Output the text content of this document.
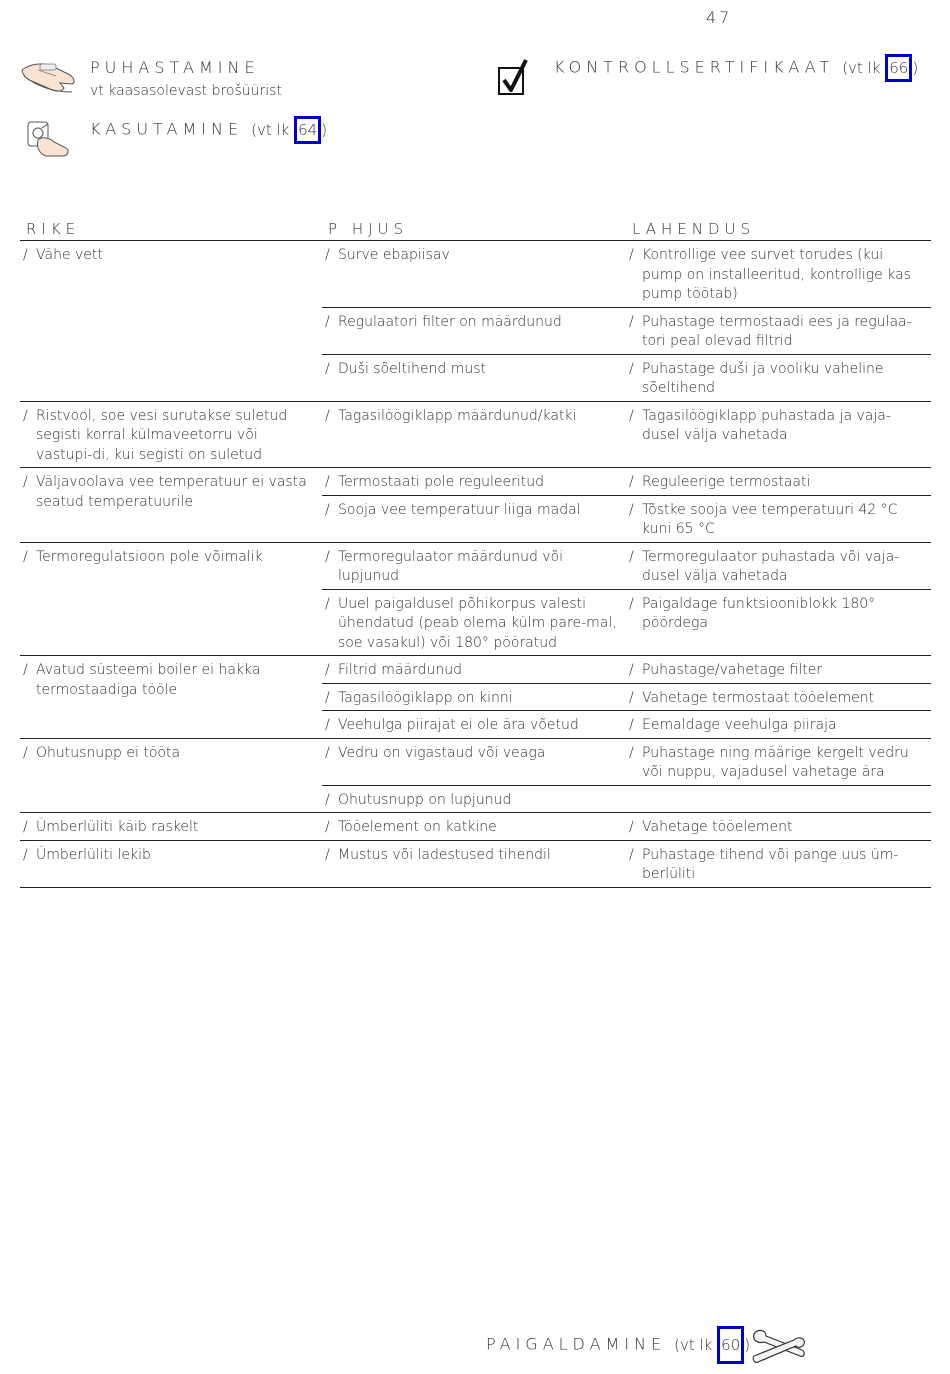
47
PUHASTAMINE
vt kaasasolevast brošüürist
KASUTAMINE (vt lk 64 )
KONTROLLSERTIFIKAAT (vt lk 66 )
RIKE	P HJUS	LAHENDUS

/ Vähe vett	/ Surve ebapiisav	/ Kontrollige vee survet torudes (kui pump on installeeritud, kontrollige kas pump töötab)

	/ Regulaatori filter on määrdunud	/ Puhastage termostaadi ees ja regulaa-tori peal olevad filtrid

	/ Duši sõeltihend must	/ Puhastage duši ja vooliku vaheline sõeltihend

/ Ristvool, soe vesi surutakse suletud segisti korral külmaveetorru või vastupi-di, kui segisti on suletud	/ Tagasilöögiklapp määrdunud/katki	/ Tagasilöögiklapp puhastada ja vaja-dusel välja vahetada

/ Väljavoolava vee temperatuur ei vasta seatud temperatuurile	/ Termostaati pole reguleeritud	/ Reguleerige termostaati

	/ Sooja vee temperatuur liiga madal	/ Tõstke sooja vee temperatuuri 42 °C kuni 65 °C

/ Termoregulatsioon pole võimalik	/ Termoregulaator määrdunud või lupjunud	/ Termoregulaator puhastada või vaja-dusel välja vahetada

	/ Uuel paigaldusel põhikorpus valesti ühendatud (peab olema külm pare-mal, soe vasakul) või 180° pööratud	/ Paigaldage funktsiooniblokk 180° pöördega

/ Avatud süsteemi boiler ei hakka termostaadiga tööle	/ Filtrid määrdunud	/ Puhastage/vahetage filter

	/ Tagasilöögiklapp on kinni	/ Vahetage termostaat tööelement

	/ Veehulga piirajat ei ole ära võetud	/ Eemaldage veehulga piiraja

/ Ohutusnupp ei tööta	/ Vedru on vigastaud või veaga	/ Puhastage ning määrige kergelt vedru või nuppu, vajadusel vahetage ära

	/ Ohutusnupp on lupjunud	

/ Ümberlüliti käib raskelt	/ Tööelement on katkine	/ Vahetage tööelement

/ Ümberlüliti lekib	/ Mustus või ladestused tihendil	/ Puhastage tihend või pange uus üm-berlüliti
PAIGALDAMINE (vt lk 60 )
